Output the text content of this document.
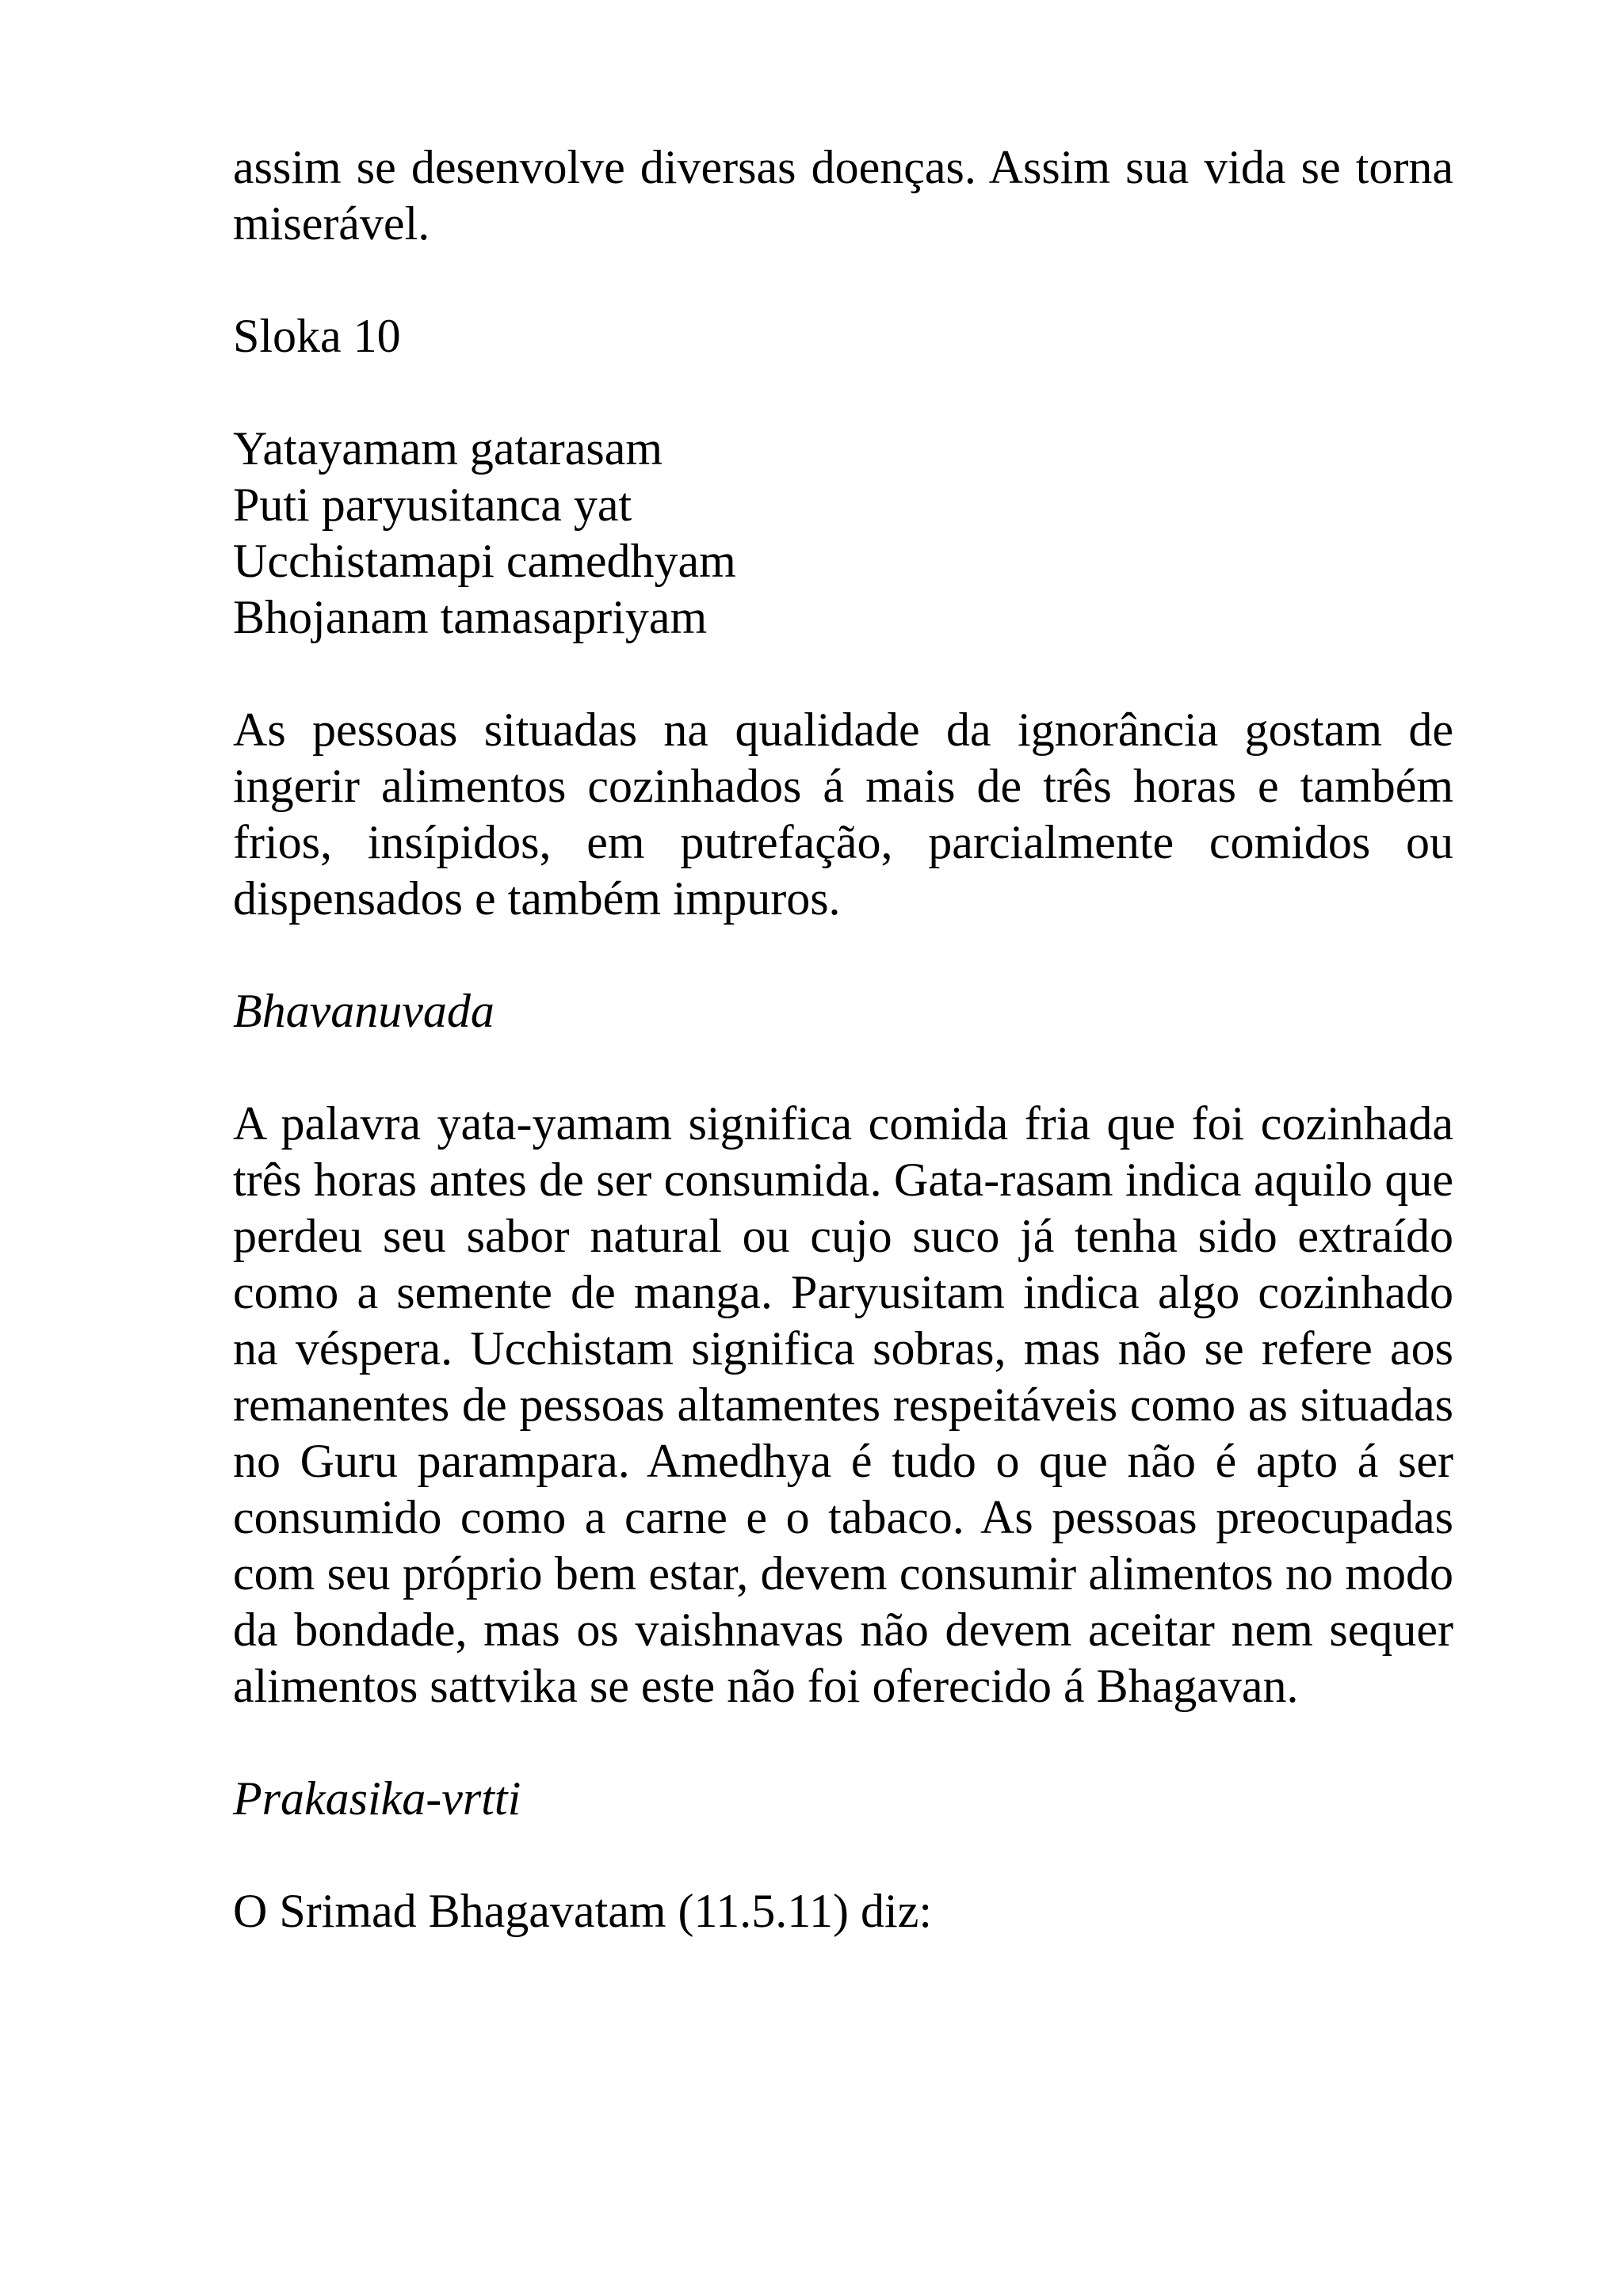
assim se desenvolve diversas doenças. Assim sua vida se torna miserável.

Sloka 10

Yatayamam gatarasam
Puti paryusitanca yat
Ucchistamapi camedhyam
Bhojanam tamasapriyam

As pessoas situadas na qualidade da ignorância gostam de ingerir alimentos cozinhados á mais de três horas e também frios, insípidos, em putrefação, parcialmente comidos ou dispensados e também impuros.

Bhavanuvada

A palavra yata-yamam significa comida fria que foi cozinhada três horas antes de ser consumida. Gata-rasam indica aquilo que perdeu seu sabor natural ou cujo suco já tenha sido extraído como a semente de manga. Paryusitam indica algo cozinhado na véspera. Ucchistam significa sobras, mas não se refere aos remanentes de pessoas altamentes respeitáveis como as situadas no Guru parampara. Amedhya é tudo o que não é apto á ser consumido como a carne e o tabaco. As pessoas preocupadas com seu próprio bem estar, devem consumir alimentos no modo da bondade, mas os vaishnavas não devem aceitar nem sequer alimentos sattvika se este não foi oferecido á Bhagavan.

Prakasika-vrtti

O Srimad Bhagavatam (11.5.11) diz:
